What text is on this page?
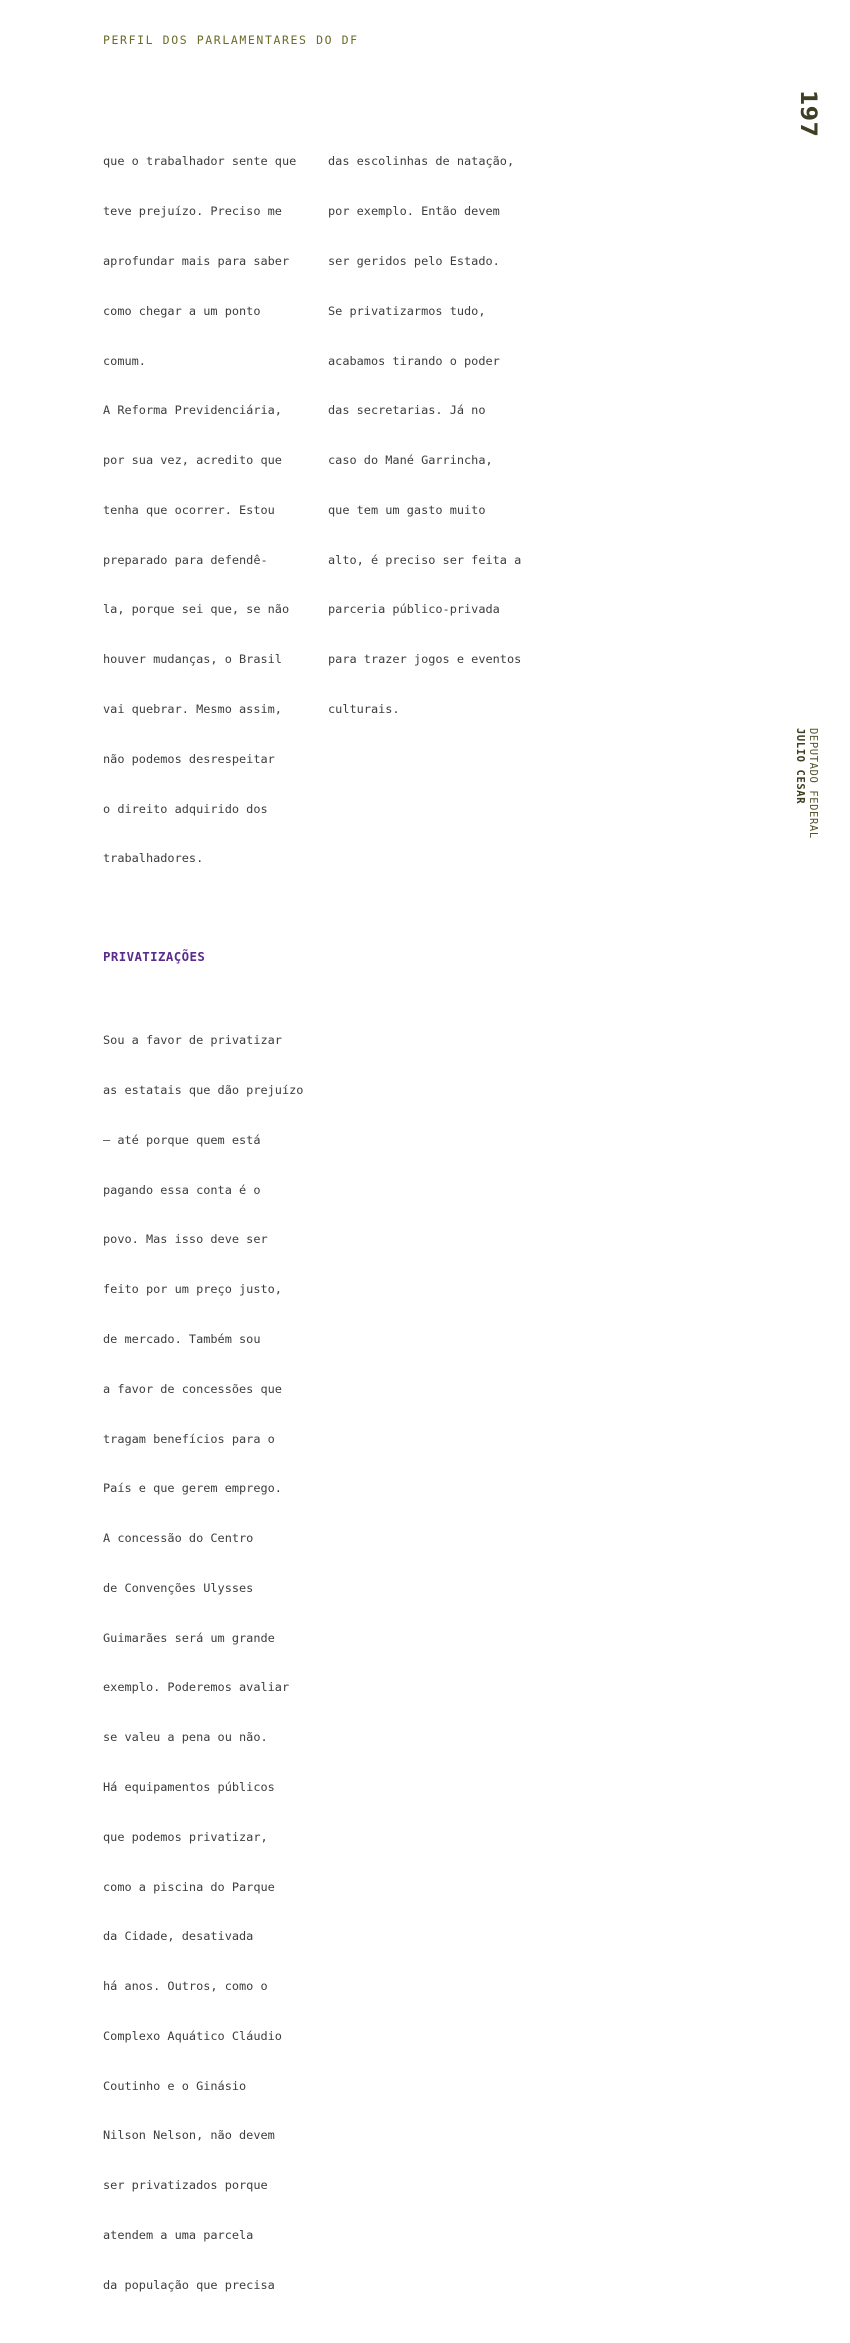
PERFIL DOS PARLAMENTARES DO DF

que o trabalhador sente que

teve prejuízo. Preciso me

aprofundar mais para saber

como chegar a um ponto

comum.

A Reforma Previdenciária,

por sua vez, acredito que

tenha que ocorrer. Estou

preparado para defendê-

la, porque sei que, se não

houver mudanças, o Brasil

vai quebrar. Mesmo assim,

não podemos desrespeitar

o direito adquirido dos

trabalhadores.

PRIVATIZAÇÕES

Sou a favor de privatizar

as estatais que dão prejuízo

— até porque quem está

pagando essa conta é o

povo. Mas isso deve ser

feito por um preço justo,

de mercado. Também sou

a favor de concessões que

tragam benefícios para o

País e que gerem emprego.

A concessão do Centro

de Convenções Ulysses

Guimarães será um grande

exemplo. Poderemos avaliar

se valeu a pena ou não.

Há equipamentos públicos

que podemos privatizar,

como a piscina do Parque

da Cidade, desativada

há anos. Outros, como o

Complexo Aquático Cláudio

Coutinho e o Ginásio

Nilson Nelson, não devem

ser privatizados porque

atendem a uma parcela

da população que precisa

das escolinhas de natação,

por exemplo. Então devem

ser geridos pelo Estado.

Se privatizarmos tudo,

acabamos tirando o poder

das secretarias. Já no

caso do Mané Garrincha,

que tem um gasto muito

alto, é preciso ser feita a

parceria público-privada

para trazer jogos e eventos

culturais.

197
DEPUTADO FEDERAL
JULIO CESAR
